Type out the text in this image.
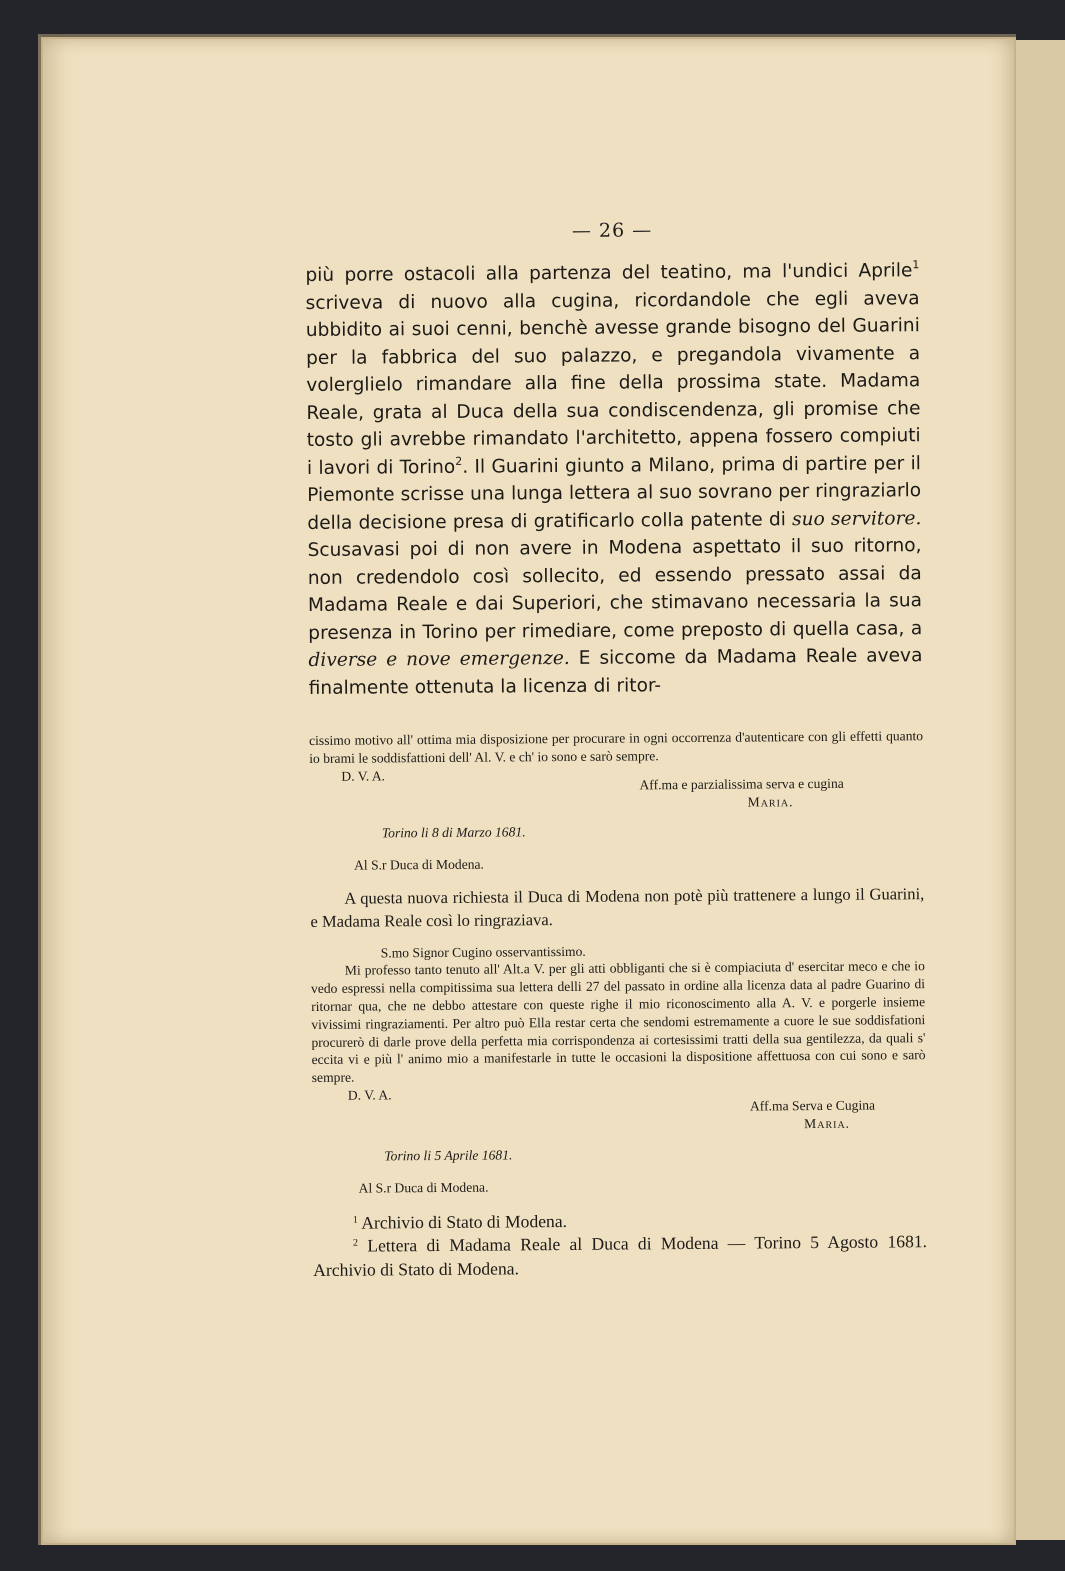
— 26 —

più porre ostacoli alla partenza del teatino, ma l'undici Aprile$^1$ scriveva di nuovo alla cugina, ricordandole che egli aveva ubbidito ai suoi cenni, benchè avesse grande bisogno del Guarini per la fabbrica del suo palazzo, e pregandola vivamente a volerglielo rimandare alla fine della prossima state. Madama Reale, grata al Duca della sua condiscendenza, gli promise che tosto gli avrebbe rimandato l'architetto, appena fossero compiuti i lavori di Torino$^2$. Il Guarini giunto a Milano, prima di partire per il Piemonte scrisse una lunga lettera al suo sovrano per ringraziarlo della decisione presa di gratificarlo colla patente di suo servitore. Scusavasi poi di non avere in Modena aspettato il suo ritorno, non credendolo così sollecito, ed essendo pressato assai da Madama Reale e dai Superiori, che stimavano necessaria la sua presenza in Torino per rimediare, come preposto di quella casa, a diverse e nove emergenze. E siccome da Madama Reale aveva finalmente ottenuta la licenza di ritor-

cissimo motivo all' ottima mia disposizione per procurare in ogni occorrenza d'autenticare con gli effetti quanto io brami le soddisfattioni dell' Al. V. e ch' io sono e sarò sempre.

D. V. A.

Aff.ma e parzialissima serva e cugina

Maria.

Torino li 8 di Marzo 1681.

Al S.r Duca di Modena.

A questa nuova richiesta il Duca di Modena non potè più trattenere a lungo il Guarini, e Madama Reale così lo ringraziava.

S.mo Signor Cugino osservantissimo.

Mi professo tanto tenuto all' Alt.a V. per gli atti obbliganti che si è compiaciuta d' esercitar meco e che io vedo espressi nella compitissima sua lettera delli 27 del passato in ordine alla licenza data al padre Guarino di ritornar qua, che ne debbo attestare con queste righe il mio riconoscimento alla A. V. e porgerle insieme vivissimi ringraziamenti. Per altro può Ella restar certa che sendomi estremamente a cuore le sue soddisfationi procurerò di darle prove della perfetta mia corrispondenza ai cortesissimi tratti della sua gentilezza, da quali s' eccita vi e più l' animo mio a manifestarle in tutte le occasioni la dispositione affettuosa con cui sono e sarò sempre.

D. V. A.

Aff.ma Serva e Cugina

Maria.

Torino li 5 Aprile 1681.

Al S.r Duca di Modena.

$^1$ Archivio di Stato di Modena.

$^2$ Lettera di Madama Reale al Duca di Modena — Torino 5 Agosto 1681. Archivio di Stato di Modena.
